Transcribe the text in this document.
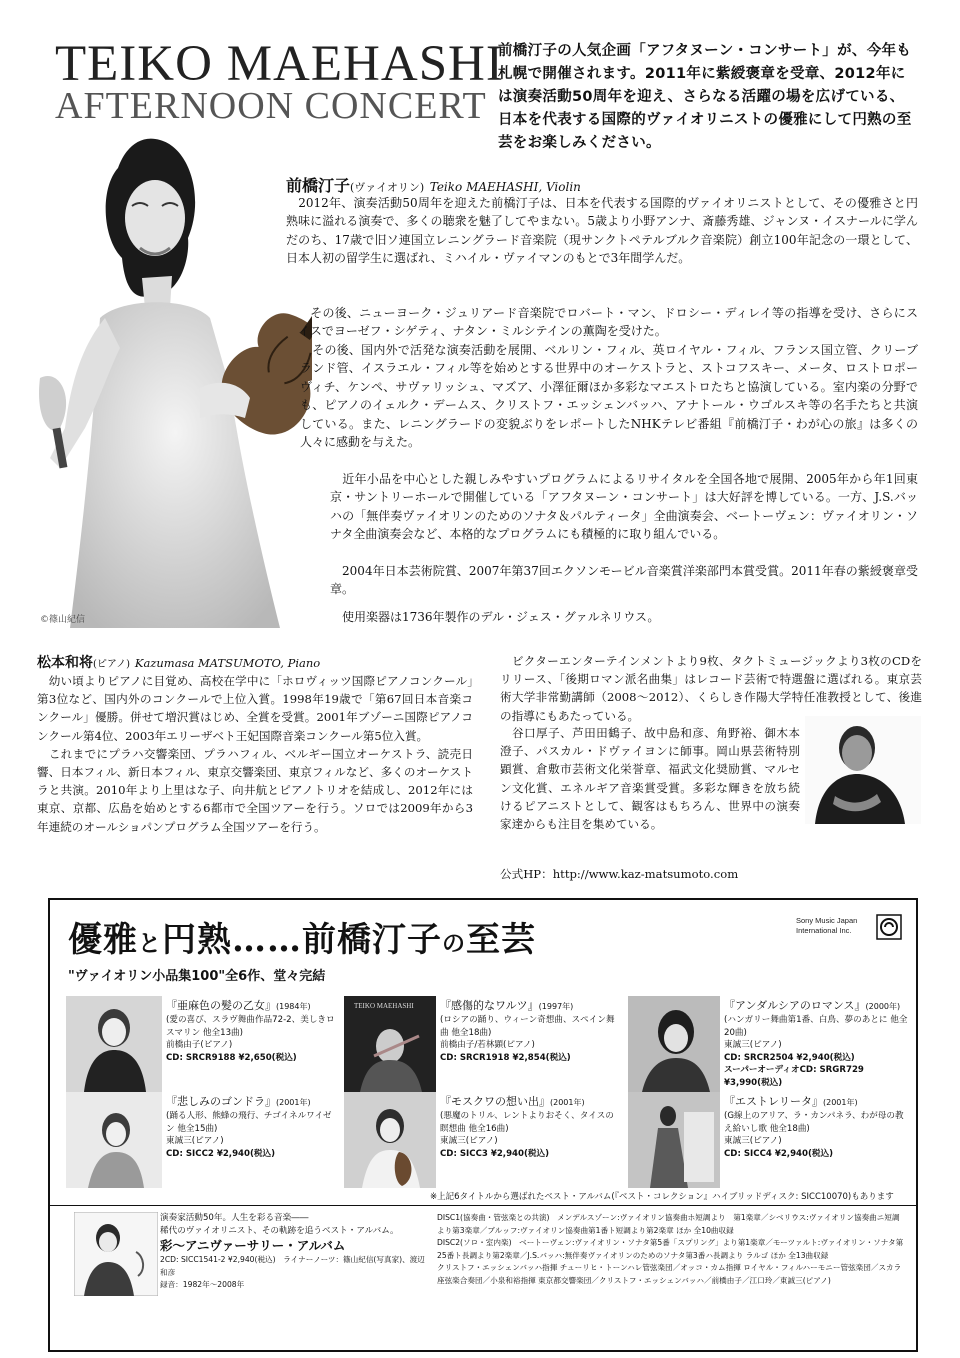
TEIKO MAEHASHI
AFTERNOON CONCERT
前橋汀子の人気企画「アフタヌーン・コンサート」が、今年も札幌で開催されます。2011年に紫綬褒章を受章、2012年には演奏活動50周年を迎え、さらなる活躍の場を広げている、日本を代表する国際的ヴァイオリニストの優雅にして円熟の至芸をお楽しみください。
©篠山紀信
前橋汀子(ヴァイオリン) Teiko MAEHASHI, Violin

　2012年、演奏活動50周年を迎えた前橋汀子は、日本を代表する国際的ヴァイオリニストとして、その優雅さと円熟味に溢れる演奏で、多くの聴衆を魅了してやまない。5歳より小野アンナ、斎藤秀雄、ジャンヌ・イスナールに学んだのち、17歳で旧ソ連国立レニングラード音楽院（現サンクトペテルブルク音楽院）創立100年記念の一環として、日本人初の留学生に選ばれ、ミハイル・ヴァイマンのもとで3年間学んだ。

　その後、ニューヨーク・ジュリアード音楽院でロバート・マン、ドロシー・ディレイ等の指導を受け、さらにスイスでヨーゼフ・シゲティ、ナタン・ミルシテインの薫陶を受けた。

　その後、国内外で活発な演奏活動を展開、ベルリン・フィル、英ロイヤル・フィル、フランス国立管、クリーブランド管、イスラエル・フィル等を始めとする世界中のオーケストラと、ストコフスキー、メータ、ロストロポーヴィチ、ケンペ、サヴァリッシュ、マズア、小澤征爾ほか多彩なマエストロたちと協演している。室内楽の分野でも、ピアノのイェルク・デームス、クリストフ・エッシェンバッハ、アナトール・ウゴルスキ等の名手たちと共演している。また、レニングラードの変貌ぶりをレポートしたNHKテレビ番組『前橋汀子・わが心の旅』は多くの人々に感動を与えた。

　近年小品を中心とした親しみやすいプログラムによるリサイタルを全国各地で展開、2005年から年1回東京・サントリーホールで開催している「アフタヌーン・コンサート」は大好評を博している。一方、J.S.バッハの「無伴奏ヴァイオリンのためのソナタ＆パルティータ」全曲演奏会、ベートーヴェン：ヴァイオリン・ソナタ全曲演奏会など、本格的なプログラムにも積極的に取り組んでいる。

　2004年日本芸術院賞、2007年第37回エクソンモービル音楽賞洋楽部門本賞受賞。2011年春の紫綬褒章受章。

　使用楽器は1736年製作のデル・ジェス・グァルネリウス。

松本和将(ピアノ) Kazumasa MATSUMOTO, Piano

　幼い頃よりピアノに目覚め、高校在学中に「ホロヴィッツ国際ピアノコンクール」第3位など、国内外のコンクールで上位入賞。1998年19歳で「第67回日本音楽コンクール」優勝。併せて増沢賞はじめ、全賞を受賞。2001年ブゾーニ国際ピアノコンクール第4位、2003年エリーザベト王妃国際音楽コンクール第5位入賞。

　これまでにプラハ交響楽団、プラハフィル、ベルギー国立オーケストラ、読売日響、日本フィル、新日本フィル、東京交響楽団、東京フィルなど、多くのオーケストラと共演。2010年より上里はな子、向井航とピアノトリオを結成し、2012年には東京、京都、広島を始めとする6都市で全国ツアーを行う。ソロでは2009年から3年連続のオールショパンプログラム全国ツアーを行う。

　ビクターエンターテインメントより9枚、タクトミュージックより3枚のCDをリリース、「後期ロマン派名曲集」はレコード芸術で特選盤に選ばれる。東京芸術大学非常勤講師（2008〜2012）、くらしき作陽大学特任准教授として、後進の指導にもあたっている。
　谷口厚子、芦田田鶴子、故中島和彦、角野裕、御木本澄子、パスカル・ドヴァイヨンに師事。岡山県芸術特別顕賞、倉敷市芸術文化栄誉章、福武文化奨励賞、マルセン文化賞、エネルギア音楽賞受賞。多彩な輝きを放ち続けるピアニストとして、観客はもちろん、世界中の演奏家達からも注目を集めている。
公式HP：http://www.kaz-matsumoto.com
優雅と円熟……前橋汀子の至芸	Sony Music Japan International Inc.
"ヴァイオリン小品集100"全6作、堂々完結
『亜麻色の髪の乙女』(1984年)
(愛の喜び、スラヴ舞曲作品72-2、美しきロスマリン 他全13曲)
前橋由子(ピアノ)
CD: SRCR9188 ¥2,650(税込)
TEIKO MAEHASHI 『感傷的なワルツ』(1997年)
(ロシアの踊り、ウィーン奇想曲、スペイン舞曲 他全18曲)
前橋由子/若林顕(ピアノ)
CD: SRCR1918 ¥2,854(税込)
『アンダルシアのロマンス』(2000年)
(ハンガリー舞曲第1番、白鳥、夢のあとに 他全20曲)
東誠三(ピアノ)
CD: SRCR2504 ¥2,940(税込)
スーパーオーディオCD: SRGR729 ¥3,990(税込)
『悲しみのゴンドラ』(2001年)
(踊る人形、熊蜂の飛行、チゴイネルワイゼン 他全15曲)
東誠三(ピアノ)
CD: SICC2 ¥2,940(税込)
『モスクワの想い出』(2001年)
(悪魔のトリル、レントよりおそく、タイスの瞑想曲 他全16曲)
東誠三(ピアノ)
CD: SICC3 ¥2,940(税込)
『エストレリータ』(2001年)
(G線上のアリア、ラ・カンパネラ、わが母の教え給いし歌 他全18曲)
東誠三(ピアノ)
CD: SICC4 ¥2,940(税込)
※上記6タイトルから選ばれたベスト・アルバム(『ベスト・コレクション』ハイブリッドディスク: SICC10070)もあります
演奏家活動50年。人生を彩る音楽――
稀代のヴァイオリニスト、その軌跡を追うベスト・アルバム。
彩〜アニヴァーサリー・アルバム
2CD: SICC1541-2 ¥2,940(税込)　ライナーノーツ：篠山紀信(写真家)、渡辺和彦
録音：1982年〜2008年

DISC1(協奏曲・管弦楽との共演)　メンデルスゾーン:ヴァイオリン協奏曲ホ短調より　第1楽章／シベリウス:ヴァイオリン協奏曲ニ短調より第3楽章／ブルッフ:ヴァイオリン協奏曲第1番ト短調より第2楽章 ほか 全10曲収録

DISC2(ソロ・室内楽)　ベートーヴェン:ヴァイオリン・ソナタ第5番「スプリング」より第1楽章／モーツァルト:ヴァイオリン・ソナタ第25番ト長調より第2楽章／J.S.バッハ:無伴奏ヴァイオリンのためのソナタ第3番ハ長調より ラルゴ ほか 全13曲収録

クリストフ・エッシェンバッハ指揮 チューリヒ・トーンハレ管弦楽団／オッコ・カム指揮 ロイヤル・フィルハーモニー管弦楽団／スカラ座弦楽合奏団／小泉和裕指揮 東京都交響楽団／クリストフ・エッシェンバッハ／前橋由子／江口玲／東誠三(ピアノ)
